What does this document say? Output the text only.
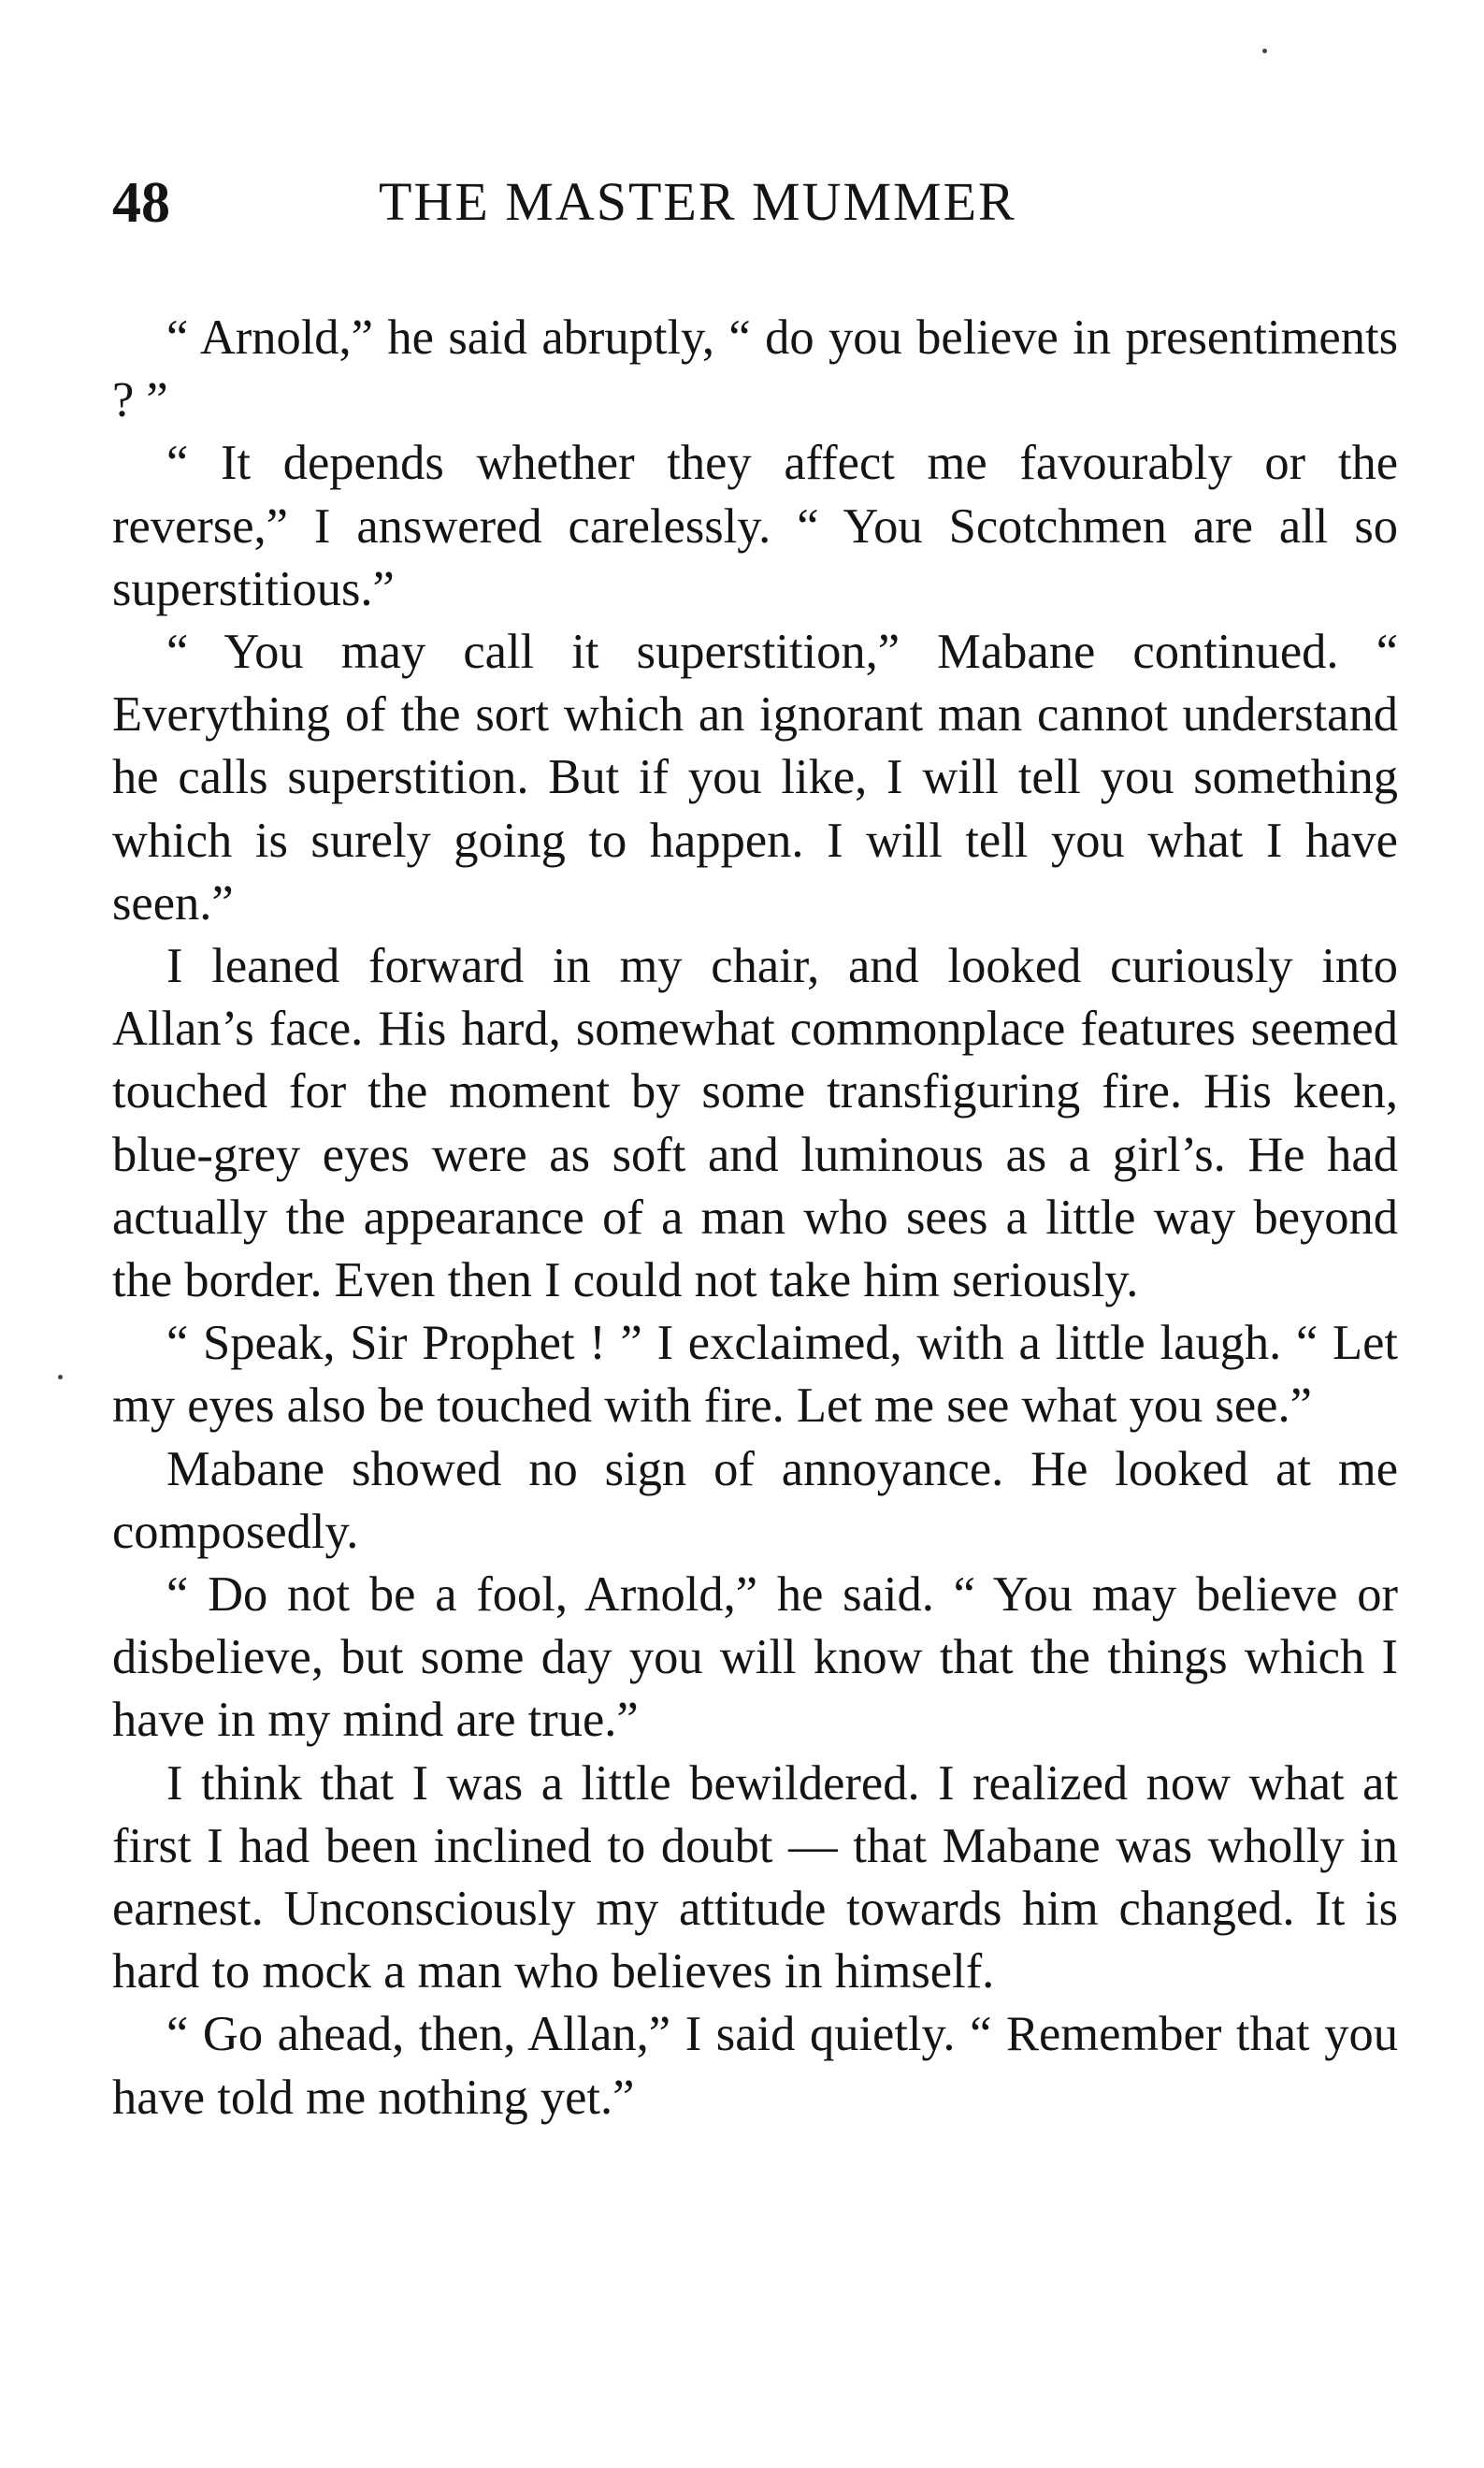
48	THE MASTER MUMMER

“ Arnold,” he said abruptly, “ do you believe in presentiments ? ”

“ It depends whether they affect me favourably or the reverse,” I answered carelessly. “ You Scotchmen are all so superstitious.”

“ You may call it superstition,” Mabane continued. “ Everything of the sort which an ignorant man cannot understand he calls superstition. But if you like, I will tell you something which is surely going to happen. I will tell you what I have seen.”

I leaned forward in my chair, and looked curiously into Allan’s face. His hard, somewhat commonplace features seemed touched for the moment by some transfiguring fire. His keen, blue-grey eyes were as soft and luminous as a girl’s. He had actually the appearance of a man who sees a little way beyond the border. Even then I could not take him seriously.

“ Speak, Sir Prophet ! ” I exclaimed, with a little laugh. “ Let my eyes also be touched with fire. Let me see what you see.”

Mabane showed no sign of annoyance. He looked at me composedly.

“ Do not be a fool, Arnold,” he said. “ You may believe or disbelieve, but some day you will know that the things which I have in my mind are true.”

I think that I was a little bewildered. I realized now what at first I had been inclined to doubt — that Mabane was wholly in earnest. Unconsciously my attitude towards him changed. It is hard to mock a man who believes in himself.

“ Go ahead, then, Allan,” I said quietly. “ Remember that you have told me nothing yet.”
